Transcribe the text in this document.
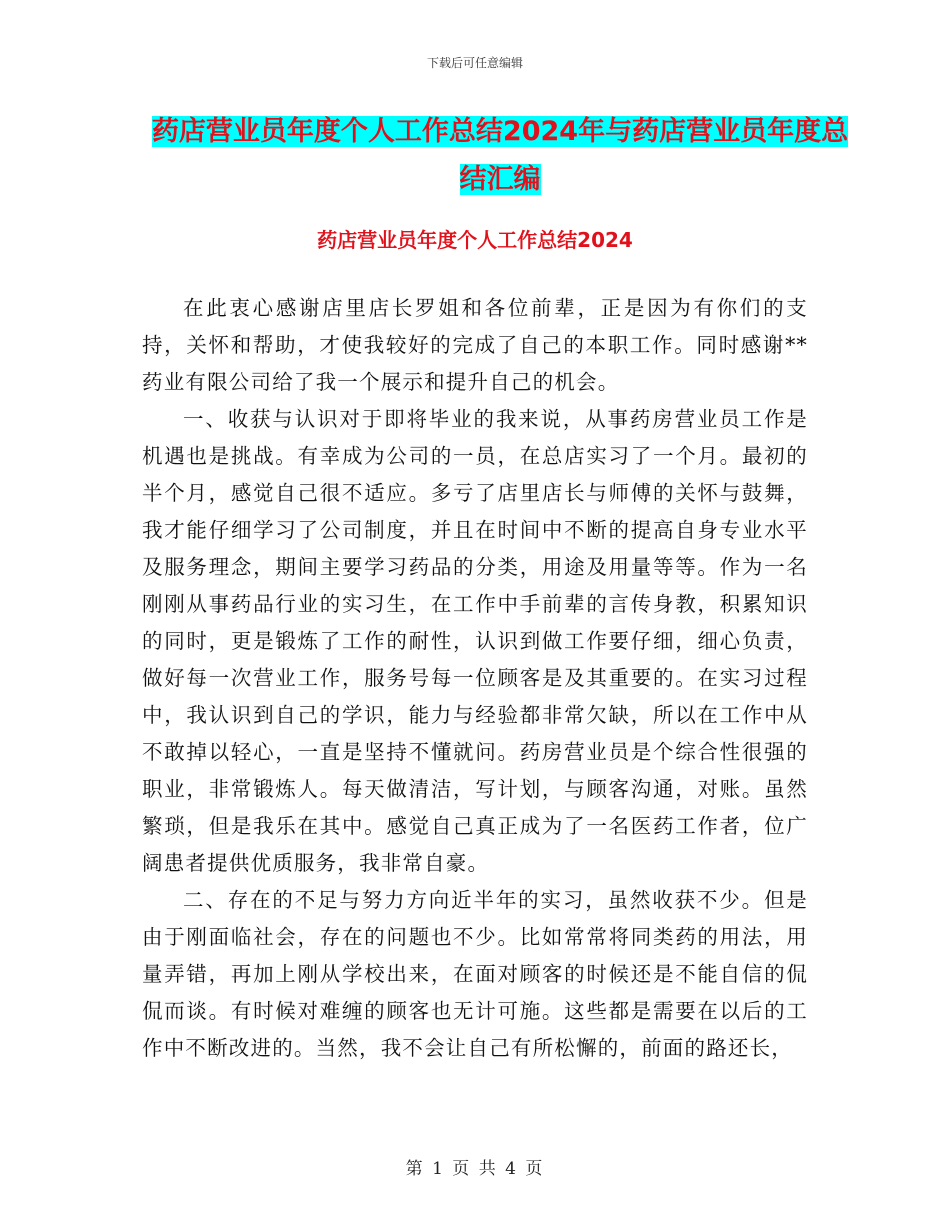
下载后可任意编辑
药店营业员年度个人工作总结2024年与药店营业员年度总结汇编
药店营业员年度个人工作总结2024

在此衷心感谢店里店长罗姐和各位前辈，正是因为有你们的支持，关怀和帮助，才使我较好的完成了自己的本职工作。同时感谢**药业有限公司给了我一个展示和提升自己的机会。

一、收获与认识对于即将毕业的我来说，从事药房营业员工作是机遇也是挑战。有幸成为公司的一员，在总店实习了一个月。最初的半个月，感觉自己很不适应。多亏了店里店长与师傅的关怀与鼓舞，我才能仔细学习了公司制度，并且在时间中不断的提高自身专业水平及服务理念，期间主要学习药品的分类，用途及用量等等。作为一名刚刚从事药品行业的实习生，在工作中手前辈的言传身教，积累知识的同时，更是锻炼了工作的耐性，认识到做工作要仔细，细心负责，做好每一次营业工作，服务号每一位顾客是及其重要的。在实习过程中，我认识到自己的学识，能力与经验都非常欠缺，所以在工作中从不敢掉以轻心，一直是坚持不懂就问。药房营业员是个综合性很强的职业，非常锻炼人。每天做清洁，写计划，与顾客沟通，对账。虽然繁琐，但是我乐在其中。感觉自己真正成为了一名医药工作者，位广阔患者提供优质服务，我非常自豪。

二、存在的不足与努力方向近半年的实习，虽然收获不少。但是由于刚面临社会，存在的问题也不少。比如常常将同类药的用法，用量弄错，再加上刚从学校出来，在面对顾客的时候还是不能自信的侃侃而谈。有时候对难缠的顾客也无计可施。这些都是需要在以后的工作中不断改进的。当然，我不会让自己有所松懈的，前面的路还长，

第 1 页 共 4 页
